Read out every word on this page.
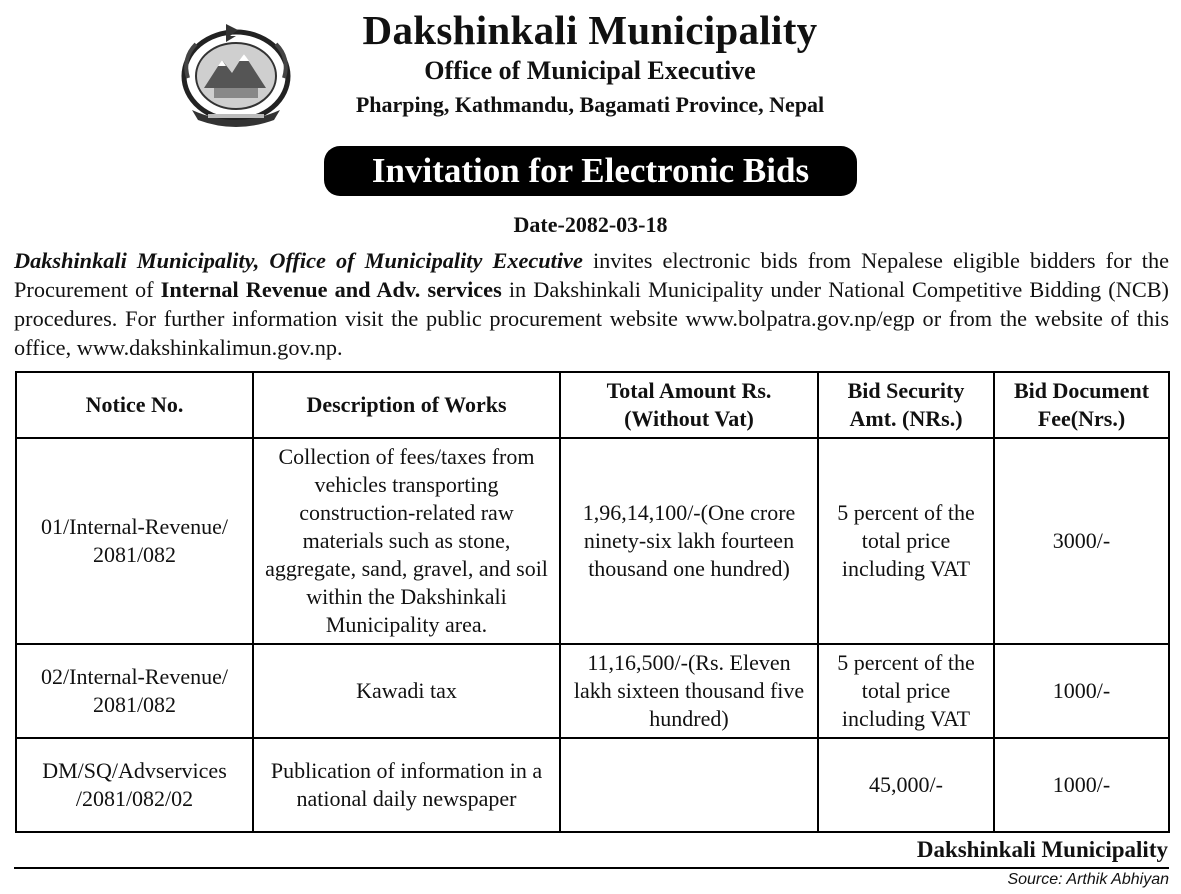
Dakshinkali Municipality
Office of Municipal Executive
Pharping, Kathmandu, Bagamati Province, Nepal
Invitation for Electronic Bids
Date-2082-03-18
Dakshinkali Municipality, Office of Municipality Executive invites electronic bids from Nepalese eligible bidders for the Procurement of Internal Revenue and Adv. services in Dakshinkali Municipality under National Competitive Bidding (NCB) procedures. For further information visit the public procurement website www.bolpatra.gov.np/egp or from the website of this office, www.dakshinkalimun.gov.np.
Notice No.	Description of Works	Total Amount Rs. (Without Vat)	Bid Security Amt. (NRs.)	Bid Document Fee(Nrs.)
01/Internal-Revenue/ 2081/082	Collection of fees/taxes from vehicles transporting construction-related raw materials such as stone, aggregate, sand, gravel, and soil within the Dakshinkali Municipality area.	1,96,14,100/-(One crore ninety-six lakh fourteen thousand one hundred)	5 percent of the total price including VAT	3000/-
02/Internal-Revenue/ 2081/082	Kawadi tax	11,16,500/-(Rs. Eleven lakh sixteen thousand five hundred)	5 percent of the total price including VAT	1000/-
DM/SQ/Advservices /2081/082/02	Publication of information in a national daily newspaper		45,000/-	1000/-
Dakshinkali Municipality
Source: Arthik Abhiyan
